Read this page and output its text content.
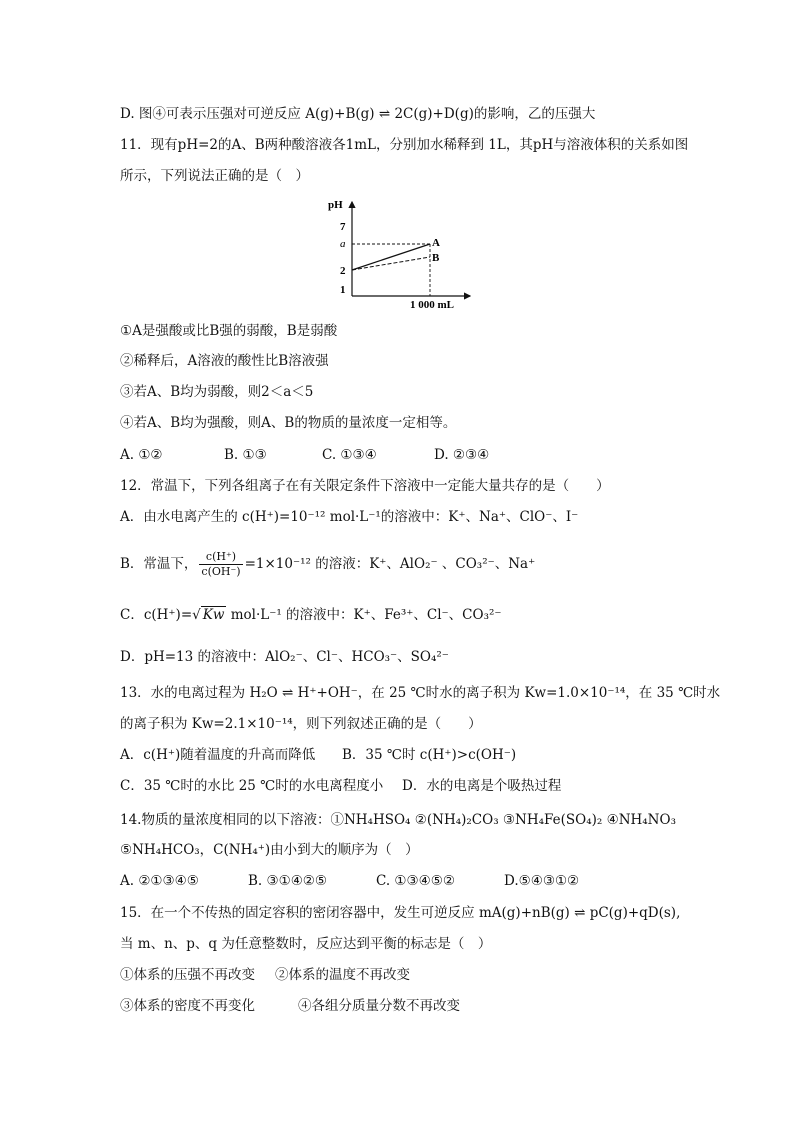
D. 图④可表示压强对可逆反应 A(g)+B(g) ⇌ 2C(g)+D(g)的影响，乙的压强大
11．现有pH=2的A、B两种酸溶液各1mL，分别加水稀释到 1L，其pH与溶液体积的关系如图
所示，下列说法正确的是（　）
pH
7
a
2
1
A
B
1 000 mL
①A是强酸或比B强的弱酸，B是弱酸
②稀释后，A溶液的酸性比B溶液强
③若A、B均为弱酸，则2＜a＜5
④若A、B均为强酸，则A、B的物质的量浓度一定相等。
A. ①②	B. ①③	C. ①③④	D. ②③④
12．常温下，下列各组离子在有关限定条件下溶液中一定能大量共存的是（　　）
A．由水电离产生的 c(H⁺)=10⁻¹² mol·L⁻¹的溶液中：K⁺、Na⁺、ClO⁻、I⁻
B．常温下， $\frac{c(H^+)}{c(OH^-)} =1\times 10^{-12}$ 的溶液：K⁺、AlO₂⁻ 、CO₃²⁻、Na⁺
C．c(H⁺)=√ Kw mol·L⁻¹ 的溶液中：K⁺、Fe³⁺、Cl⁻、CO₃²⁻
D．pH=13 的溶液中：AlO₂⁻、Cl⁻、HCO₃⁻、SO₄²⁻
13．水的电离过程为 H₂O ⇌ H⁺+OH⁻，在 25 ℃时水的离子积为 Kw=1.0×10⁻¹⁴，在 35 ℃时水
的离子积为 Kw=2.1×10⁻¹⁴，则下列叙述正确的是（　　）
A．c(H⁺)随着温度的升高而降低 B．35 ℃时 c(H⁺)>c(OH⁻)
C．35 ℃时的水比 25 ℃时的水电离程度小 D．水的电离是个吸热过程
14.物质的量浓度相同的以下溶液：①NH₄HSO₄ ②(NH₄)₂CO₃ ③NH₄Fe(SO₄)₂ ④NH₄NO₃
⑤NH₄HCO₃，C(NH₄⁺)由小到大的顺序为（　）
A. ②①③④⑤	B. ③①④②⑤	C. ①③④⑤②	D.⑤④③①②
15．在一个不传热的固定容积的密闭容器中，发生可逆反应 mA(g)+nB(g) ⇌ pC(g)+qD(s),
当 m、n、p、q 为任意整数时，反应达到平衡的标志是（　）
①体系的压强不再改变 ②体系的温度不再改变
③体系的密度不再变化	④各组分质量分数不再改变
